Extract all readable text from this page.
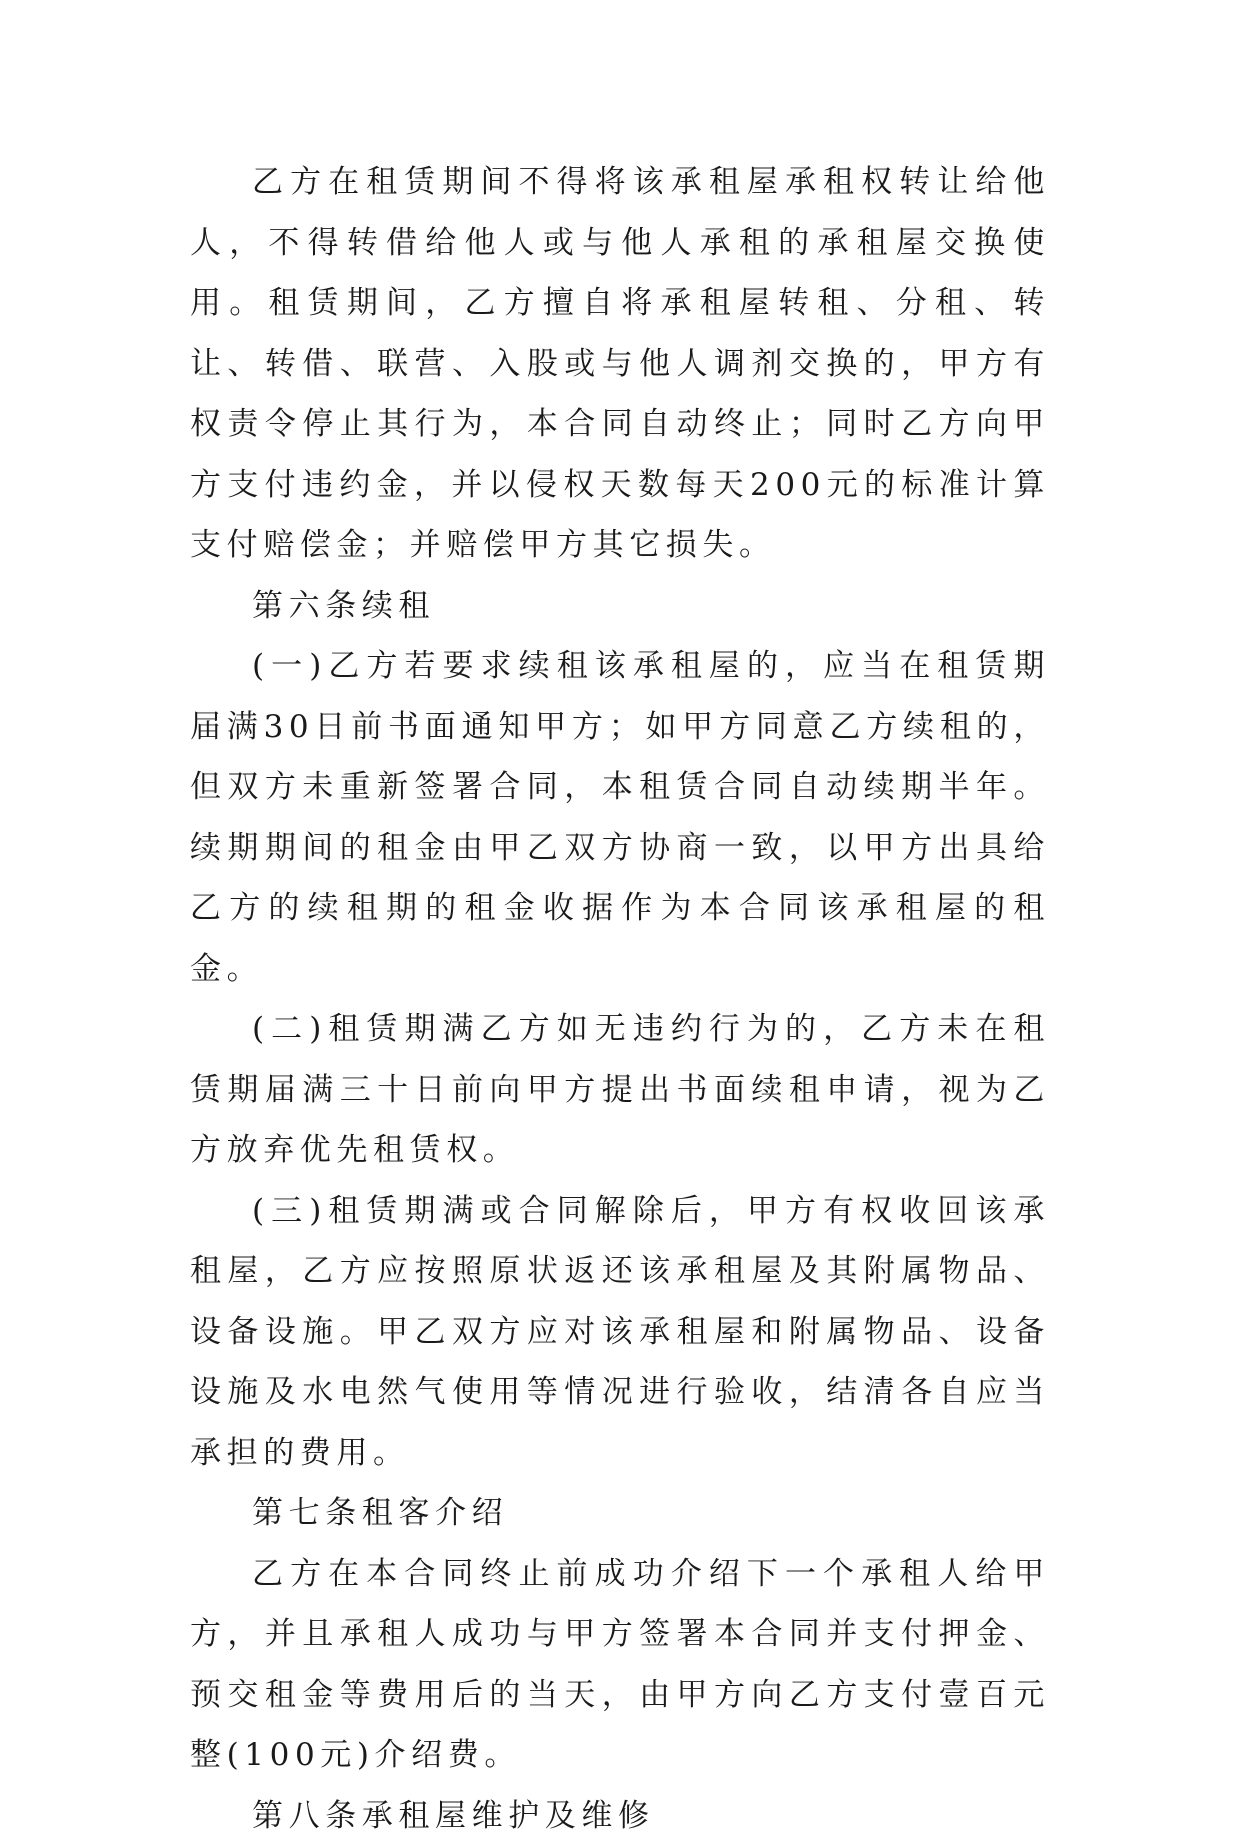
乙方在租赁期间不得将该承租屋承租权转让给他人，不得转借给他人或与他人承租的承租屋交换使用。租赁期间，乙方擅自将承租屋转租、分租、转让、转借、联营、入股或与他人调剂交换的，甲方有权责令停止其行为，本合同自动终止；同时乙方向甲方支付违约金，并以侵权天数每天200元的标准计算支付赔偿金；并赔偿甲方其它损失。

第六条续租

(一)乙方若要求续租该承租屋的，应当在租赁期届满30日前书面通知甲方；如甲方同意乙方续租的，但双方未重新签署合同，本租赁合同自动续期半年。续期期间的租金由甲乙双方协商一致，以甲方出具给乙方的续租期的租金收据作为本合同该承租屋的租金。

(二)租赁期满乙方如无违约行为的，乙方未在租赁期届满三十日前向甲方提出书面续租申请，视为乙方放弃优先租赁权。

(三)租赁期满或合同解除后，甲方有权收回该承租屋，乙方应按照原状返还该承租屋及其附属物品、设备设施。甲乙双方应对该承租屋和附属物品、设备设施及水电然气使用等情况进行验收，结清各自应当承担的费用。

第七条租客介绍

乙方在本合同终止前成功介绍下一个承租人给甲方，并且承租人成功与甲方签署本合同并支付押金、预交租金等费用后的当天，由甲方向乙方支付壹百元整(100元)介绍费。

第八条承租屋维护及维修
